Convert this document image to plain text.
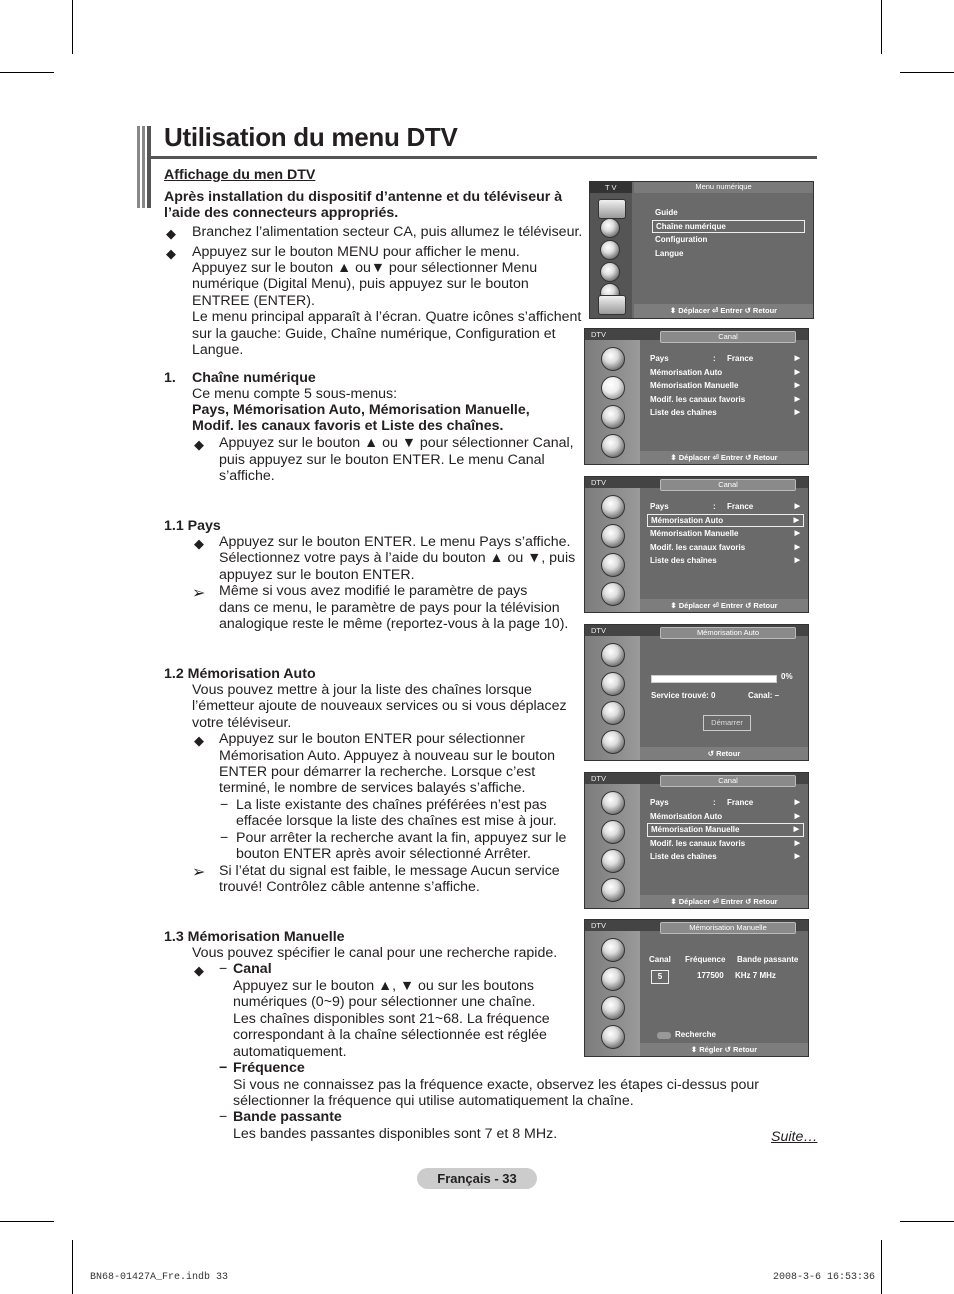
Utilisation du menu DTV
Affichage du men DTV
Après installation du dispositif d’antenne et du téléviseur à
l’aide des connecteurs appropriés.
◆ Branchez l’alimentation secteur CA, puis allumez le téléviseur.
◆ Appuyez sur le bouton MENU pour afficher le menu.
Appuyez sur le bouton ▲ ou▼ pour sélectionner Menu
numérique (Digital Menu), puis appuyez sur le bouton
ENTREE (ENTER).
Le menu principal apparaît à l’écran. Quatre icônes s’affichent
sur la gauche: Guide, Chaîne numérique, Configuration et
Langue.
1. Chaîne numérique
Ce menu compte 5 sous-menus:
Pays, Mémorisation Auto, Mémorisation Manuelle,
Modif. les canaux favoris et Liste des chaînes.
◆ Appuyez sur le bouton ▲ ou ▼ pour sélectionner Canal,
puis appuyez sur le bouton ENTER. Le menu Canal
s’affiche.
1.1 Pays
◆ Appuyez sur le bouton ENTER. Le menu Pays s’affiche.
Sélectionnez votre pays à l’aide du bouton ▲ ou ▼, puis
appuyez sur le bouton ENTER.
➢ Même si vous avez modifié le paramètre de pays
dans ce menu, le paramètre de pays pour la télévision
analogique reste le même (reportez-vous à la page 10).
1.2 Mémorisation Auto
Vous pouvez mettre à jour la liste des chaînes lorsque
l’émetteur ajoute de nouveaux services ou si vous déplacez
votre téléviseur.
◆ Appuyez sur le bouton ENTER pour sélectionner
Mémorisation Auto. Appuyez à nouveau sur le bouton
ENTER pour démarrer la recherche. Lorsque c’est
terminé, le nombre de services balayés s’affiche.
− La liste existante des chaînes préférées n’est pas
effacée lorsque la liste des chaînes est mise à jour.
− Pour arrêter la recherche avant la fin, appuyez sur le
bouton ENTER après avoir sélectionné Arrêter.
➢ Si l’état du signal est faible, le message Aucun service
trouvé! Contrôlez câble antenne s’affiche.
1.3 Mémorisation Manuelle
Vous pouvez spécifier le canal pour une recherche rapide.
◆ − Canal
Appuyez sur le bouton ▲, ▼ ou sur les boutons
numériques (0~9) pour sélectionner une chaîne.
Les chaînes disponibles sont 21~68. La fréquence
correspondant à la chaîne sélectionnée est réglée
automatiquement.
− Fréquence
Si vous ne connaissez pas la fréquence exacte, observez les étapes ci-dessus pour
sélectionner la fréquence qui utilise automatiquement la chaîne.
− Bande passante
Les bandes passantes disponibles sont 7 et 8 MHz.	Suite…
Français - 33
BN68-01427A_Fre.indb 33	2008-3-6 16:53:36
T V	Menu numérique
Guide
Chaîne numérique
Configuration
Langue
⬍ Déplacer ⏎ Entrer ↺ Retour
DTV	Canal
Pays	: France	▶
Mémorisation Auto	▶
Mémorisation Manuelle	▶
Modif. les canaux favoris	▶
Liste des chaînes	▶
⬍ Déplacer ⏎ Entrer ↺ Retour
DTV	Canal
Pays	: France	▶
Mémorisation Auto	▶
Mémorisation Manuelle	▶
Modif. les canaux favoris	▶
Liste des chaînes	▶
⬍ Déplacer ⏎ Entrer ↺ Retour
DTV	Mémorisation Auto
0%
Service trouvé: 0	Canal: –
Démarrer
↺ Retour
DTV	Canal
Pays	: France	▶
Mémorisation Auto	▶
Mémorisation Manuelle	▶
Modif. les canaux favoris	▶
Liste des chaînes	▶
⬍ Déplacer ⏎ Entrer ↺ Retour
DTV	Mémorisation Manuelle
Canal Fréquence Bande passante
5	177500 KHz 7 MHz
Recherche
⬍ Régler ↺ Retour
